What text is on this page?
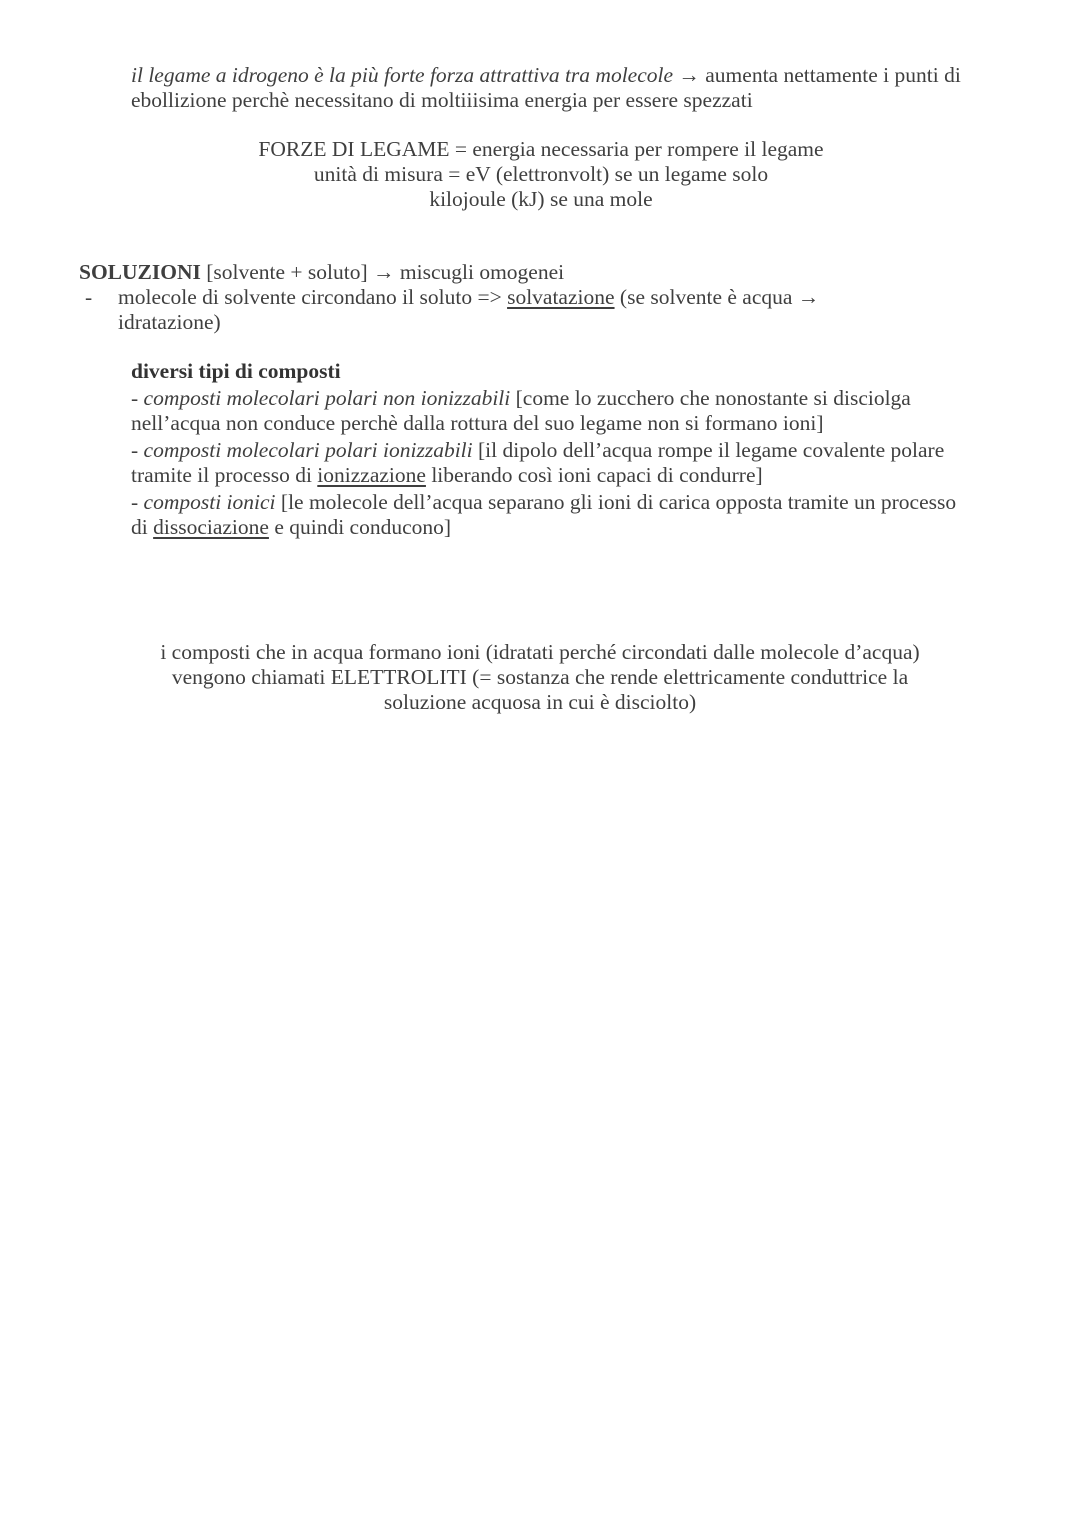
il legame a idrogeno è la più forte forza attrattiva tra molecole → aumenta nettamente i punti di ebollizione perchè necessitano di moltiiisima energia per essere spezzati

FORZE DI LEGAME = energia necessaria per rompere il legame
unità di misura = eV (elettronvolt) se un legame solo
kilojoule (kJ) se una mole
SOLUZIONI [solvente + soluto] → miscugli omogenei
- molecole di solvente circondano il soluto => solvatazione (se solvente è acqua → idratazione)
diversi tipi di composti
- composti molecolari polari non ionizzabili [come lo zucchero che nonostante si disciolga nell’acqua non conduce perchè dalla rottura del suo legame non si formano ioni]
- composti molecolari polari ionizzabili [il dipolo dell’acqua rompe il legame covalente polare tramite il processo di ionizzazione liberando così ioni capaci di condurre]
- composti ionici [le molecole dell’acqua separano gli ioni di carica opposta tramite un processo di dissociazione e quindi conducono]
i composti che in acqua formano ioni (idratati perché circondati dalle molecole d’acqua)
vengono chiamati ELETTROLITI (= sostanza che rende elettricamente conduttrice la
soluzione acquosa in cui è disciolto)
